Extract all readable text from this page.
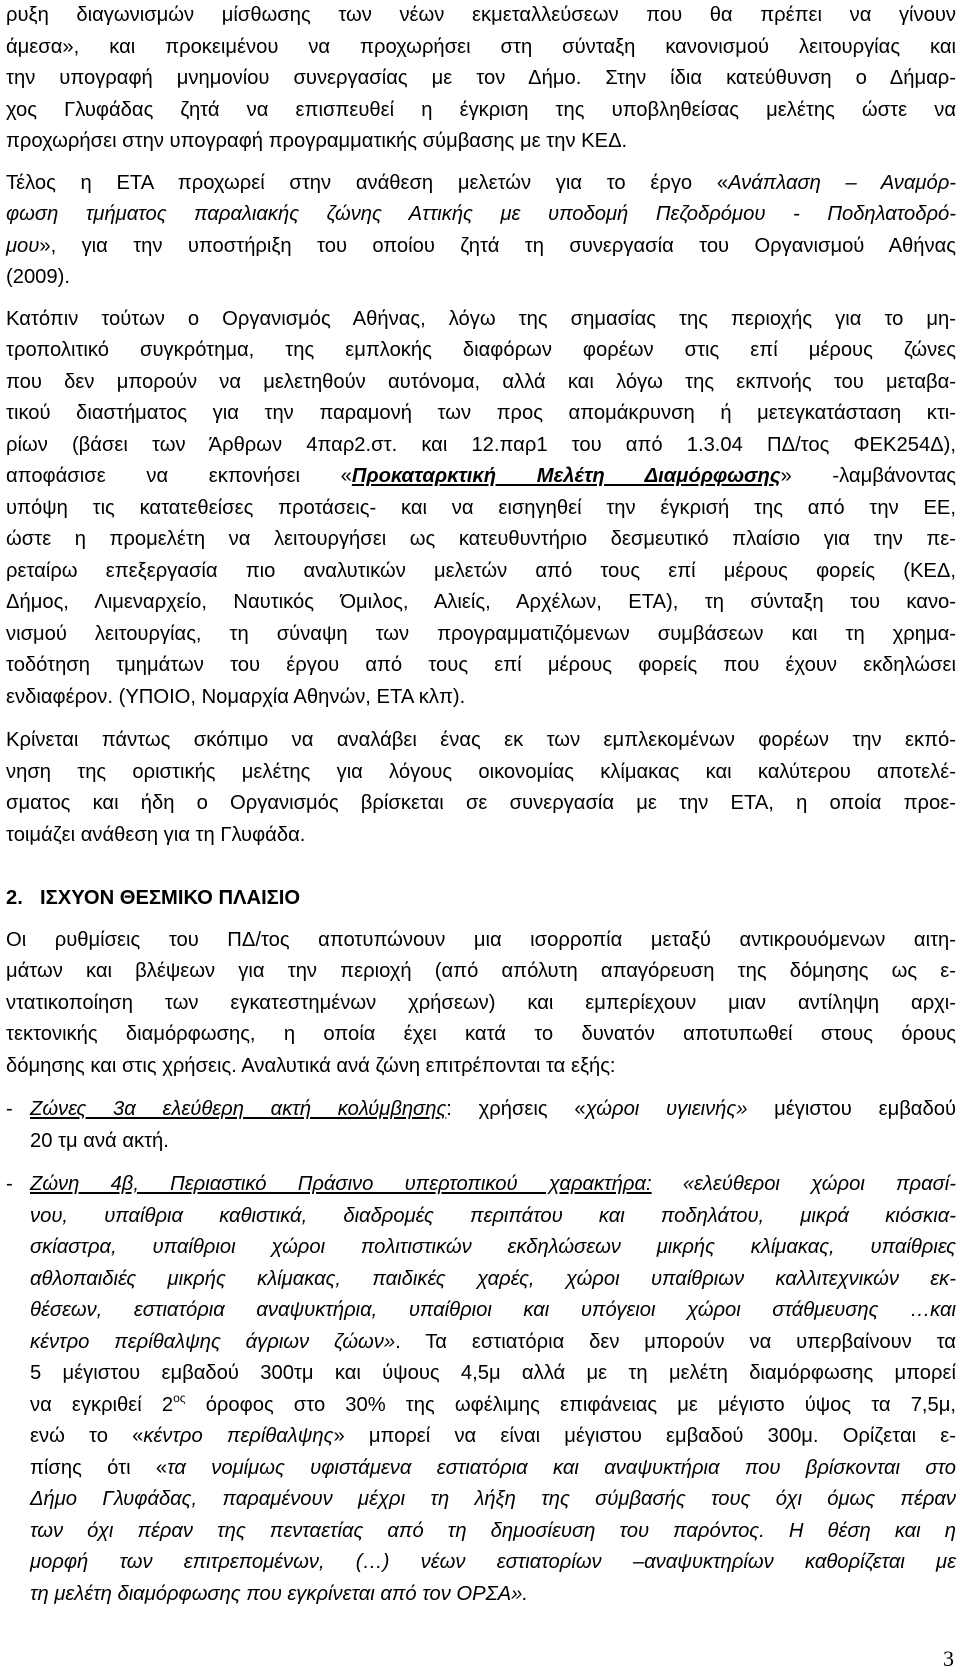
ρυξη διαγωνισμών μίσθωσης των νέων εκμεταλλεύσεων που θα πρέπει να γίνουν
άμεσα», και προκειμένου να προχωρήσει στη σύνταξη κανονισμού λειτουργίας και
την υπογραφή μνημονίου συνεργασίας με τον Δήμο. Στην ίδια κατεύθυνση ο Δήμαρ-
χος Γλυφάδας ζητά να επισπευθεί η έγκριση της υποβληθείσας μελέτης ώστε να
προχωρήσει στην υπογραφή προγραμματικής σύμβασης με την ΚΕΔ.
Τέλος η ΕΤΑ προχωρεί στην ανάθεση μελετών για το έργο «Ανάπλαση – Αναμόρ-
φωση τμήματος παραλιακής ζώνης Αττικής με υποδομή Πεζοδρόμου - Ποδηλατοδρό-
μου», για την υποστήριξη του οποίου ζητά τη συνεργασία του Οργανισμού Αθήνας
(2009).
Κατόπιν τούτων ο Οργανισμός Αθήνας, λόγω της σημασίας της περιοχής για το μη-
τροπολιτικό συγκρότημα, της εμπλοκής διαφόρων φορέων στις επί μέρους ζώνες
που δεν μπορούν να μελετηθούν αυτόνομα, αλλά και λόγω της εκπνοής του μεταβα-
τικού διαστήματος για την παραμονή των προς απομάκρυνση ή μετεγκατάσταση κτι-
ρίων (βάσει των Άρθρων 4παρ2.στ. και 12.παρ1 του από 1.3.04 ΠΔ/τος ΦΕΚ254Δ),
αποφάσισε να εκπονήσει «Προκαταρκτική Μελέτη Διαμόρφωσης» -λαμβάνοντας
υπόψη τις κατατεθείσες προτάσεις- και να εισηγηθεί την έγκρισή της από την ΕΕ,
ώστε η προμελέτη να λειτουργήσει ως κατευθυντήριο δεσμευτικό πλαίσιο για την πε-
ρεταίρω επεξεργασία πιο αναλυτικών μελετών από τους επί μέρους φορείς (ΚΕΔ,
Δήμος, Λιμεναρχείο, Ναυτικός Όμιλος, Αλιείς, Αρχέλων, ΕΤΑ), τη σύνταξη του κανο-
νισμού λειτουργίας, τη σύναψη των προγραμματιζόμενων συμβάσεων και τη χρημα-
τοδότηση τμημάτων του έργου από τους επί μέρους φορείς που έχουν εκδηλώσει
ενδιαφέρον. (ΥΠΟΙΟ, Νομαρχία Αθηνών, ΕΤΑ κλπ).
Κρίνεται πάντως σκόπιμο να αναλάβει ένας εκ των εμπλεκομένων φορέων την εκπό-
νηση της οριστικής μελέτης για λόγους οικονομίας κλίμακας και καλύτερου αποτελέ-
σματος και ήδη ο Οργανισμός βρίσκεται σε συνεργασία με την ΕΤΑ, η οποία προε-
τοιμάζει ανάθεση για τη Γλυφάδα.
2. ΙΣΧΥΟΝ ΘΕΣΜΙΚΟ ΠΛΑΙΣΙΟ
Οι ρυθμίσεις του ΠΔ/τος αποτυπώνουν μια ισορροπία μεταξύ αντικρουόμενων αιτη-
μάτων και βλέψεων για την περιοχή (από απόλυτη απαγόρευση της δόμησης ως ε-
ντατικοποίηση των εγκατεστημένων χρήσεων) και εμπερίεχουν μιαν αντίληψη αρχι-
τεκτονικής διαμόρφωσης, η οποία έχει κατά το δυνατόν αποτυπωθεί στους όρους
δόμησης και στις χρήσεις. Αναλυτικά ανά ζώνη επιτρέπονται τα εξής:
- Ζώνες 3α ελεύθερη ακτή κολύμβησης: χρήσεις «χώροι υγιεινής» μέγιστου εμβαδού
20 τμ ανά ακτή.
- Ζώνη 4β, Περιαστικό Πράσινο υπερτοπικού χαρακτήρα: «ελεύθεροι χώροι πρασί-
νου, υπαίθρια καθιστικά, διαδρομές περιπάτου και ποδηλάτου, μικρά κιόσκια-
σκίαστρα, υπαίθριοι χώροι πολιτιστικών εκδηλώσεων μικρής κλίμακας, υπαίθριες
αθλοπαιδιές μικρής κλίμακας, παιδικές χαρές, χώροι υπαίθριων καλλιτεχνικών εκ-
θέσεων, εστιατόρια αναψυκτήρια, υπαίθριοι και υπόγειοι χώροι στάθμευσης …και
κέντρο περίθαλψης άγριων ζώων». Τα εστιατόρια δεν μπορούν να υπερβαίνουν τα
5 μέγιστου εμβαδού 300τμ και ύψους 4,5μ αλλά με τη μελέτη διαμόρφωσης μπορεί
να εγκριθεί $2^{o\varsigma}$ όροφος στο 30% της ωφέλιμης επιφάνειας με μέγιστο ύψος τα 7,5μ,
ενώ το «κέντρο περίθαλψης» μπορεί να είναι μέγιστου εμβαδού 300μ. Ορίζεται ε-
πίσης ότι «τα νομίμως υφιστάμενα εστιατόρια και αναψυκτήρια που βρίσκονται στο
Δήμο Γλυφάδας, παραμένουν μέχρι τη λήξη της σύμβασής τους όχι όμως πέραν
των όχι πέραν της πενταετίας από τη δημοσίευση του παρόντος. Η θέση και η
μορφή των επιτρεπομένων, (…) νέων εστιατορίων –αναψυκτηρίων καθορίζεται με
τη μελέτη διαμόρφωσης που εγκρίνεται από τον ΟΡΣΑ».
3
